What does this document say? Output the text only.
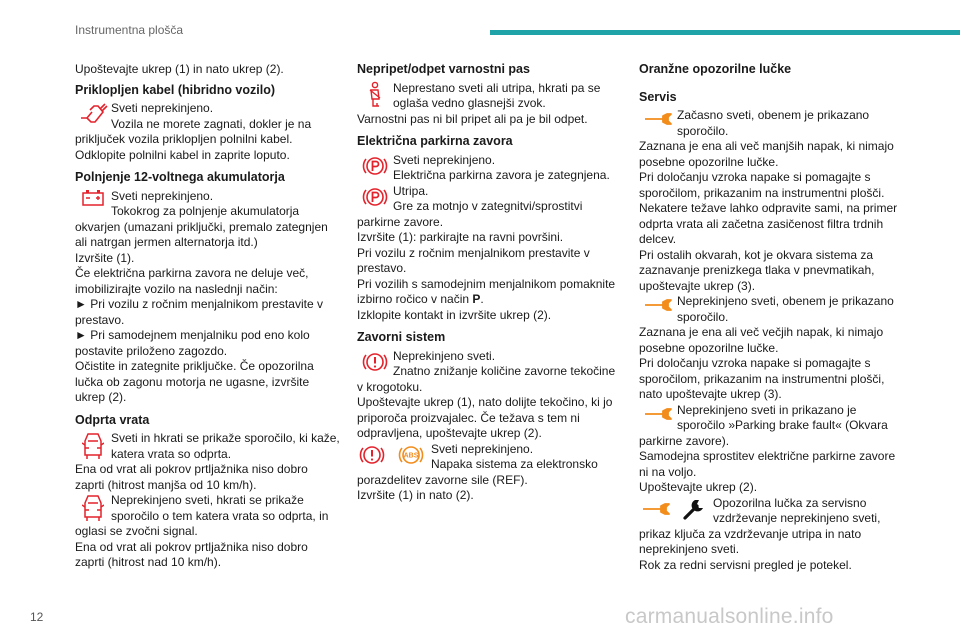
Instrumentna plošča

Upoštevajte ukrep (1) in nato ukrep (2).

Priklopljen kabel (hibridno vozilo)
Sveti neprekinjeno.
Vozila ne morete zagnati, dokler je na

priključek vozila priklopljen polnilni kabel.
Odklopite polnilni kabel in zaprite loputo.

Polnjenje 12-voltnega akumulatorja
Sveti neprekinjeno.
Tokokrog za polnjenje akumulatorja

okvarjen (umazani priključki, premalo zategnjen ali natrgan jermen alternatorja itd.)
Izvršite (1).
Če električna parkirna zavora ne deluje več, imobilizirajte vozilo na naslednji način:
► Pri vozilu z ročnim menjalnikom prestavite v prestavo.
► Pri samodejnem menjalniku pod eno kolo postavite priloženo zagozdo.
Očistite in zategnite priključke. Če opozorilna lučka ob zagonu motorja ne ugasne, izvršite ukrep (2).

Odprta vrata
Sveti in hkrati se prikaže sporočilo, ki kaže, katera vrata so odprta.

Ena od vrat ali pokrov prtljažnika niso dobro zaprti (hitrost manjša od 10 km/h).

Neprekinjeno sveti, hkrati se prikaže sporočilo o tem katera vrata so odprta, in

oglasi se zvočni signal.
Ena od vrat ali pokrov prtljažnika niso dobro zaprti (hitrost nad 10 km/h).

Nepripet/odpet varnostni pas
Neprestano sveti ali utripa, hkrati pa se oglaša vedno glasnejši zvok.

Varnostni pas ni bil pripet ali pa je bil odpet.

Električna parkirna zavora
Sveti neprekinjeno.
Električna parkirna zavora je zategnjena.
Utripa.
Gre za motnjo v zategnitvi/sprostitvi

parkirne zavore.
Izvršite (1): parkirajte na ravni površini.
Pri vozilu z ročnim menjalnikom prestavite v prestavo.
Pri vozilih s samodejnim menjalnikom pomaknite izbirno ročico v način P.
Izklopite kontakt in izvršite ukrep (2).

Zavorni sistem
Neprekinjeno sveti.
Znatno znižanje količine zavorne tekočine

v krogotoku.
Upoštevajte ukrep (1), nato dolijte tekočino, ki jo priporoča proizvajalec. Če težava s tem ni odpravljena, upoštevajte ukrep (2).

ABS Sveti neprekinjeno.
Napaka sistema za elektronsko

porazdelitev zavorne sile (REF).
Izvršite (1) in nato (2).

Oranžne opozorilne lučke
Servis
Začasno sveti, obenem je prikazano sporočilo.

Zaznana je ena ali več manjših napak, ki nimajo posebne opozorilne lučke.
Pri določanju vzroka napake si pomagajte s sporočilom, prikazanim na instrumentni plošči.
Nekatere težave lahko odpravite sami, na primer odprta vrata ali začetna zasičenost filtra trdnih delcev.
Pri ostalih okvarah, kot je okvara sistema za zaznavanje prenizkega tlaka v pnevmatikah, upoštevajte ukrep (3).

Neprekinjeno sveti, obenem je prikazano sporočilo.

Zaznana je ena ali več večjih napak, ki nimajo posebne opozorilne lučke.
Pri določanju vzroka napake si pomagajte s sporočilom, prikazanim na instrumentni plošči, nato upoštevajte ukrep (3).

Neprekinjeno sveti in prikazano je sporočilo »Parking brake fault« (Okvara

parkirne zavore).
Samodejna sprostitev električne parkirne zavore ni na voljo.
Upoštevajte ukrep (2).

Opozorilna lučka za servisno vzdrževanje neprekinjeno sveti,

prikaz ključa za vzdrževanje utripa in nato neprekinjeno sveti.
Rok za redni servisni pregled je potekel.

12	carmanualsonline.info
